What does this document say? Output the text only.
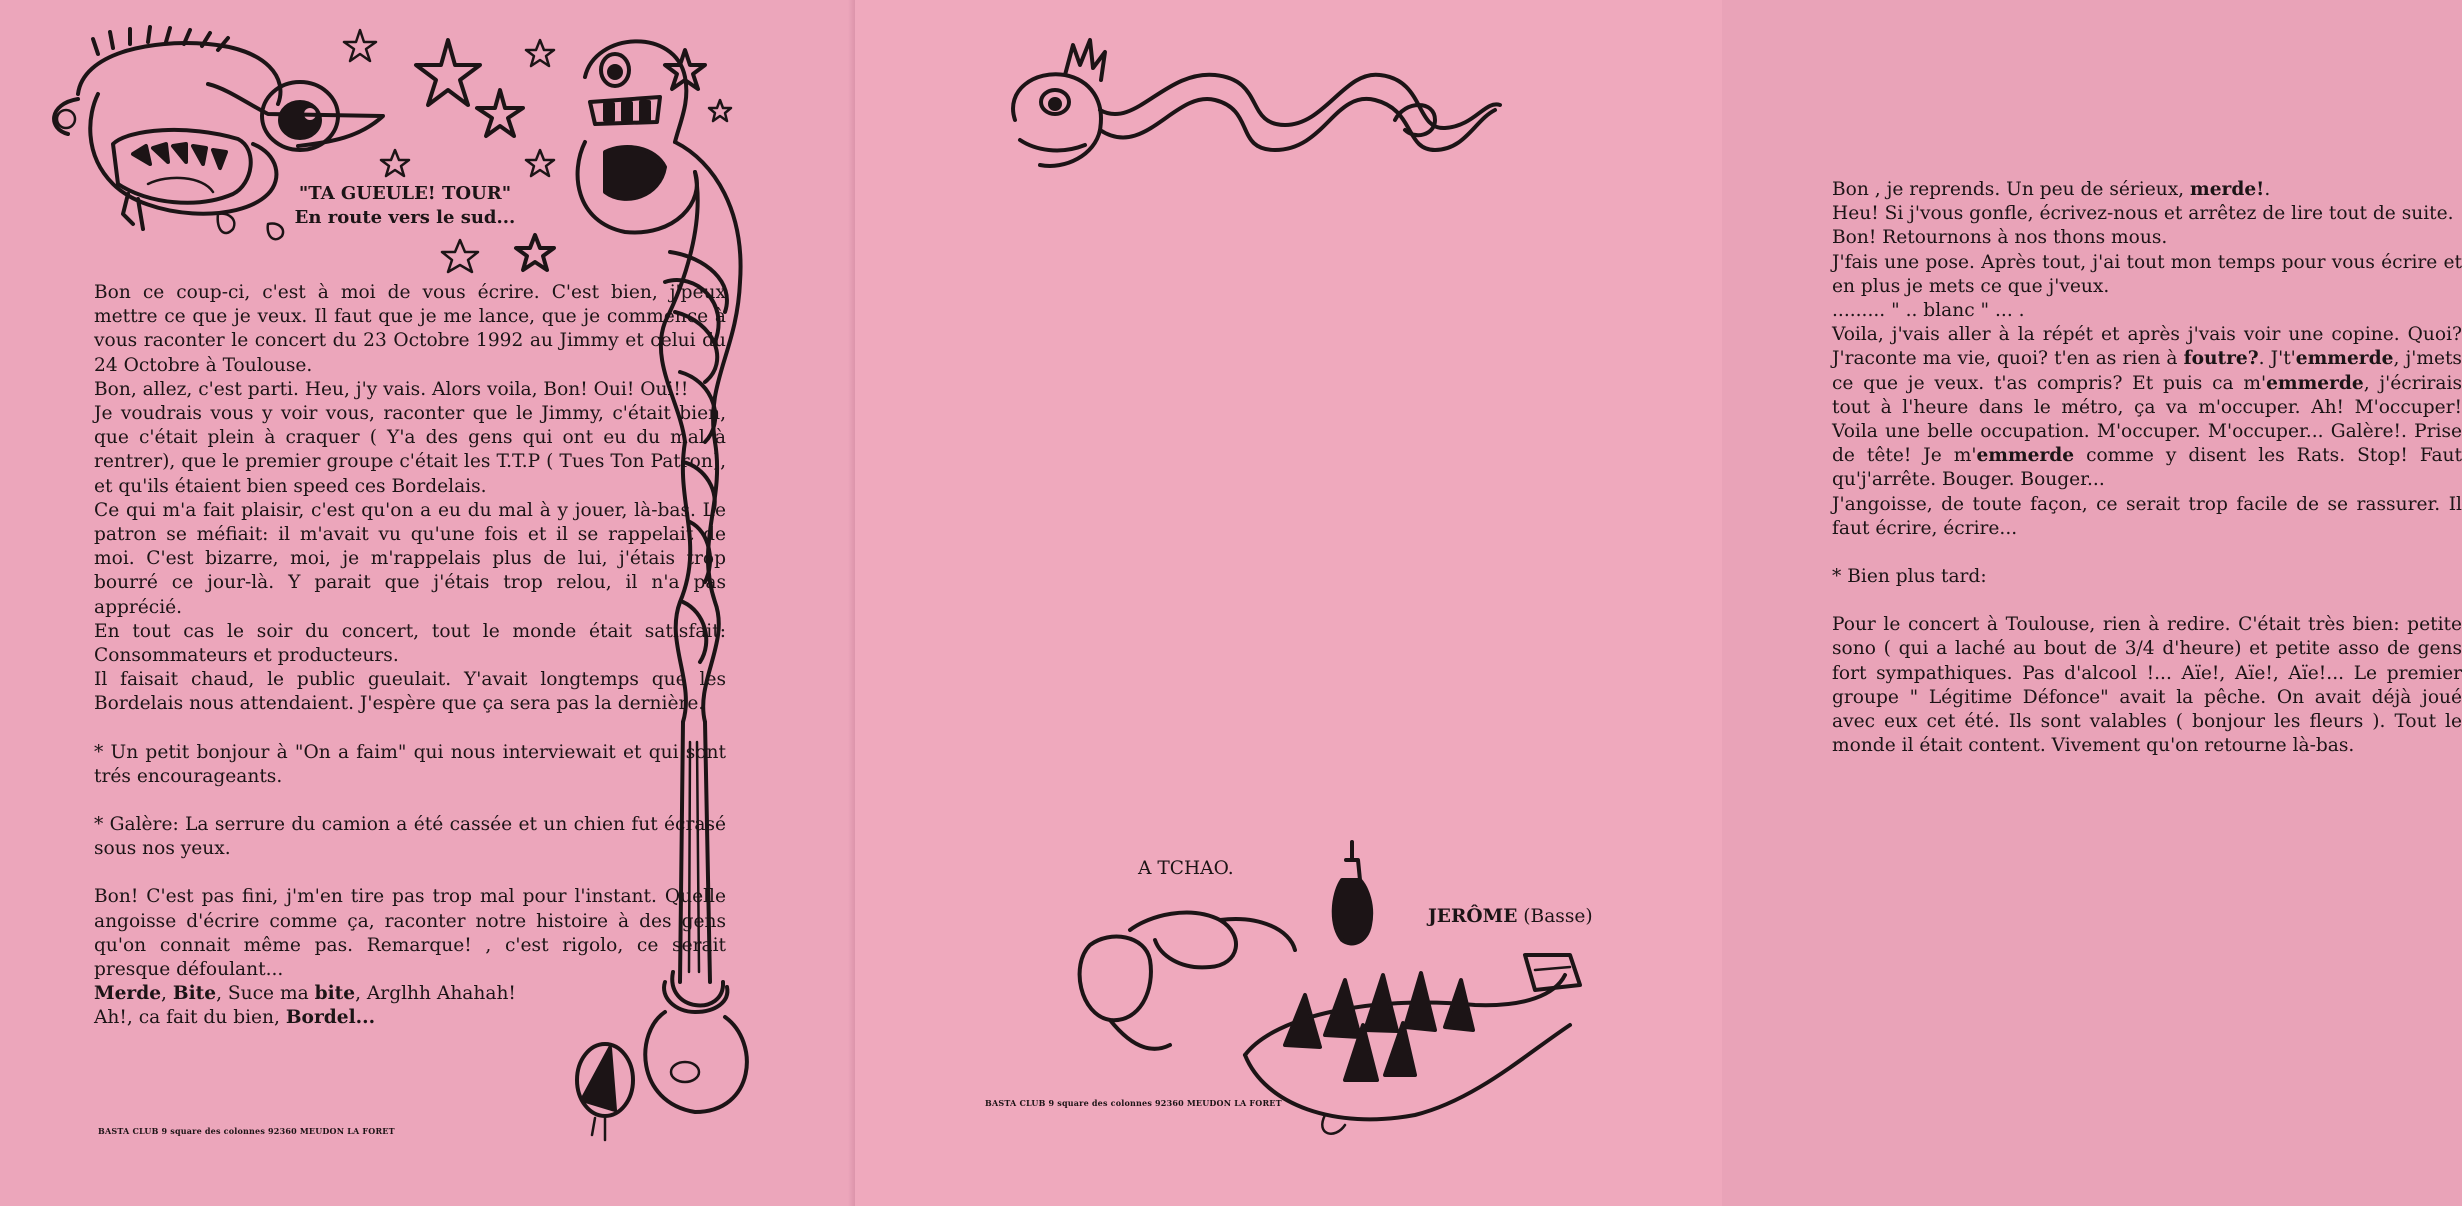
"TA GUEULE! TOUR"
En route vers le sud...

Bon ce coup-ci, c'est à moi de vous écrire. C'est bien, j'peux mettre ce que je veux. Il faut que je me lance, que je commence à vous raconter le concert du 23 Octobre 1992 au Jimmy et celui du 24 Octobre à Toulouse.

Bon, allez, c'est parti. Heu, j'y vais. Alors voila, Bon! Oui! Oui!!

Je voudrais vous y voir vous, raconter que le Jimmy, c'était bien, que c'était plein à craquer ( Y'a des gens qui ont eu du mal à rentrer), que le premier groupe c'était les T.T.P ( Tues Ton Patron), et qu'ils étaient bien speed ces Bordelais.

Ce qui m'a fait plaisir, c'est qu'on a eu du mal à y jouer, là-bas. Le patron se méfiait: il m'avait vu qu'une fois et il se rappelait de moi. C'est bizarre, moi, je m'rappelais plus de lui, j'étais trop bourré ce jour-là. Y parait que j'étais trop relou, il n'a pas apprécié.

En tout cas le soir du concert, tout le monde était satisfait: Consommateurs et producteurs.

Il faisait chaud, le public gueulait. Y'avait longtemps que les Bordelais nous attendaient. J'espère que ça sera pas la dernière.

* Un petit bonjour à "On a faim" qui nous interviewait et qui sont trés encourageants.

* Galère: La serrure du camion a été cassée et un chien fut écrasé sous nos yeux.

Bon! C'est pas fini, j'm'en tire pas trop mal pour l'instant. Quelle angoisse d'écrire comme ça, raconter notre histoire à des gens qu'on connait même pas. Remarque! , c'est rigolo, ce serait presque défoulant...

Merde, Bite, Suce ma bite, Arglhh Ahahah!

Ah!, ca fait du bien, Bordel...

BASTA CLUB 9 square des colonnes 92360 MEUDON LA FORET

Bon , je reprends. Un peu de sérieux, merde!.

Heu! Si j'vous gonfle, écrivez-nous et arrêtez de lire tout de suite.

Bon! Retournons à nos thons mous.

J'fais une pose. Après tout, j'ai tout mon temps pour vous écrire et en plus je mets ce que j'veux.

......... " .. blanc " ... .

Voila, j'vais aller à la répét et après j'vais voir une copine. Quoi? J'raconte ma vie, quoi? t'en as rien à foutre?. J't'emmerde, j'mets ce que je veux. t'as compris? Et puis ca m'emmerde, j'écrirais tout à l'heure dans le métro, ça va m'occuper. Ah! M'occuper! Voila une belle occupation. M'occuper. M'occuper... Galère!. Prise de tête! Je m'emmerde comme y disent les Rats. Stop! Faut qu'j'arrête. Bouger. Bouger...

J'angoisse, de toute façon, ce serait trop facile de se rassurer. Il faut écrire, écrire...

* Bien plus tard:

Pour le concert à Toulouse, rien à redire. C'était très bien: petite sono ( qui a laché au bout de 3/4 d'heure) et petite asso de gens fort sympathiques. Pas d'alcool !... Aïe!, Aïe!, Aïe!... Le premier groupe " Légitime Défonce" avait la pêche. On avait déjà joué avec eux cet été. Ils sont valables ( bonjour les fleurs ). Tout le monde il était content. Vivement qu'on retourne là-bas.

A TCHAO.
JERÔME (Basse)
BASTA CLUB 9 square des colonnes 92360 MEUDON LA FORET
